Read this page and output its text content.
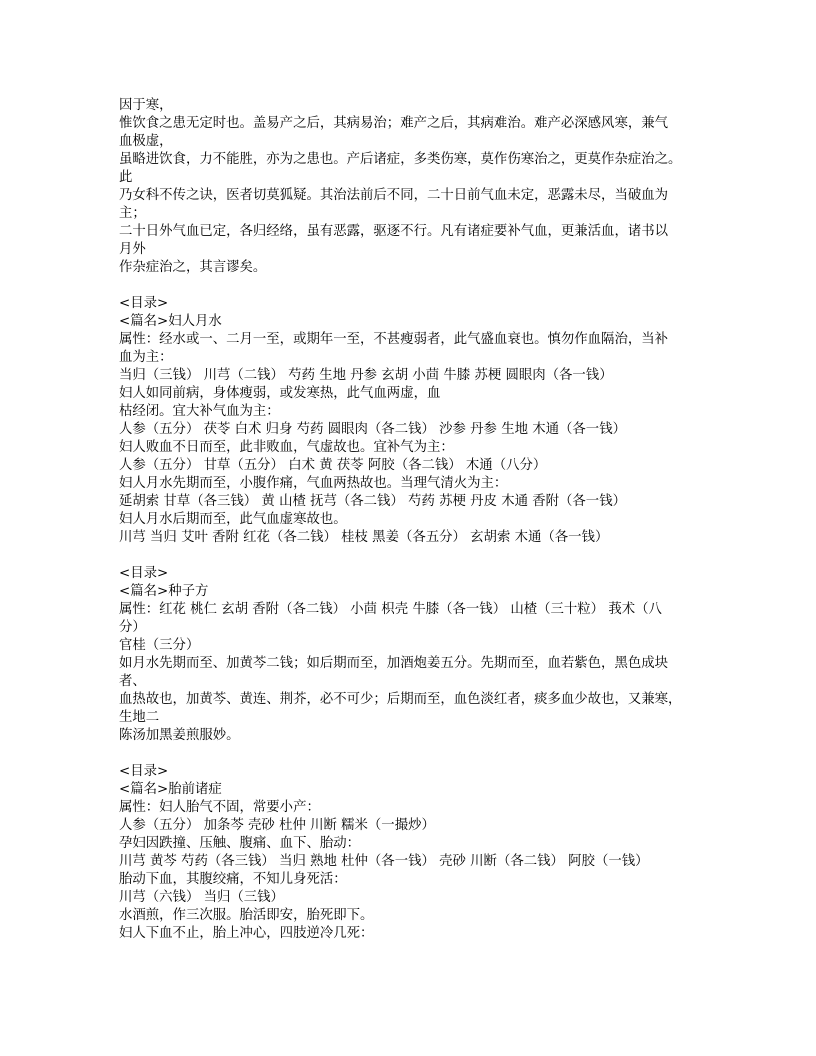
因于寒，
惟饮食之患无定时也。盖易产之后，其病易治；难产之后，其病难治。难产必深感风寒，兼气
血极虚，
虽略进饮食，力不能胜，亦为之患也。产后诸症，多类伤寒，莫作伤寒治之，更莫作杂症治之。
此
乃女科不传之诀，医者切莫狐疑。其治法前后不同，二十日前气血未定，恶露未尽，当破血为
主；
二十日外气血已定，各归经络，虽有恶露，驱逐不行。凡有诸症要补气血，更兼活血，诸书以
月外
作杂症治之，其言谬矣。
<目录>
<篇名>妇人月水
属性：经水或一、二月一至，或期年一至，不甚瘦弱者，此气盛血衰也。慎勿作血隔治，当补
血为主：
当归（三钱） 川芎（二钱） 芍药 生地 丹参 玄胡 小茴 牛膝 苏梗 圆眼肉（各一钱）
妇人如同前病，身体瘦弱，或发寒热，此气血两虚，血
枯经闭。宜大补气血为主：
人参（五分） 茯苓 白术 归身 芍药 圆眼肉（各二钱） 沙参 丹参 生地 木通（各一钱）
妇人败血不日而至，此非败血，气虚故也。宜补气为主：
人参（五分） 甘草（五分） 白术 黄 茯苓 阿胶（各二钱） 木通（八分）
妇人月水先期而至，小腹作痛，气血两热故也。当理气清火为主：
延胡索 甘草（各三钱） 黄 山楂 抚芎（各二钱） 芍药 苏梗 丹皮 木通 香附（各一钱）
妇人月水后期而至，此气血虚寒故也。
川芎 当归 艾叶 香附 红花（各二钱） 桂枝 黑姜（各五分） 玄胡索 木通（各一钱）
<目录>
<篇名>种子方
属性：红花 桃仁 玄胡 香附（各二钱） 小茴 枳壳 牛膝（各一钱） 山楂（三十粒） 莪术（八
分）
官桂（三分）
如月水先期而至、加黄芩二钱；如后期而至，加酒炮姜五分。先期而至，血若紫色，黑色成块
者、
血热故也，加黄芩、黄连、荆芥，必不可少；后期而至，血色淡红者，痰多血少故也，又兼寒，
生地二
陈汤加黑姜煎服妙。
<目录>
<篇名>胎前诸症
属性：妇人胎气不固，常要小产：
人参（五分） 加条芩 壳砂 杜仲 川断 糯米（一撮炒）
孕妇因跌撞、压触、腹痛、血下、胎动：
川芎 黄芩 芍药（各三钱） 当归 熟地 杜仲（各一钱） 壳砂 川断（各二钱） 阿胶（一钱）
胎动下血，其腹绞痛，不知儿身死活：
川芎（六钱） 当归（三钱）
水酒煎，作三次服。胎活即安，胎死即下。
妇人下血不止，胎上冲心，四肢逆冷几死：
